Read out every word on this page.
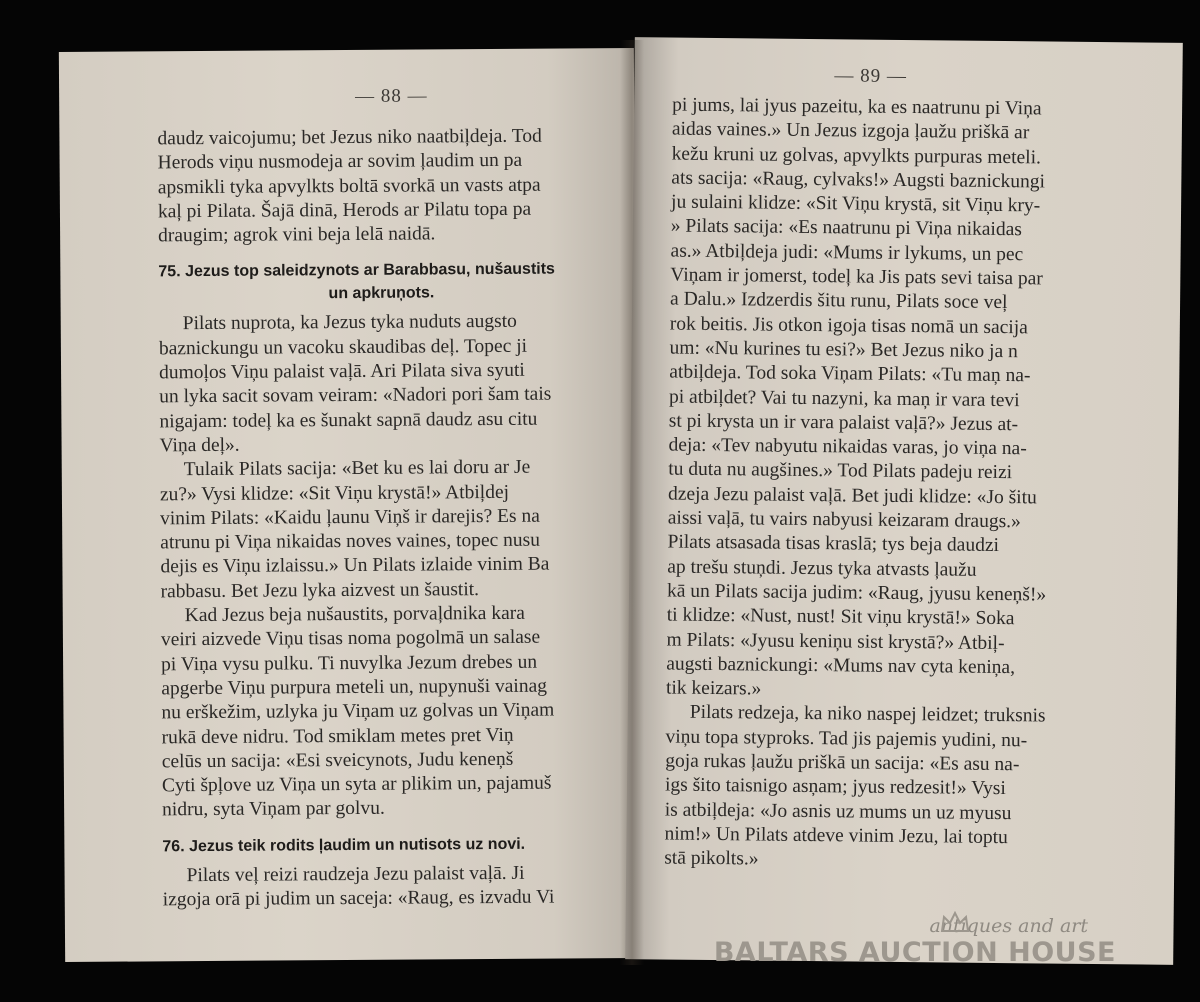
— 88 —

daudz vaicojumu; bet Jezus niko naatbiļdeja. Tod
Herods viņu nusmodeja ar sovim ļaudim un pa
apsmikli tyka apvylkts boltā svorkā un vasts atpa
kaļ pi Pilata. Šajā dinā, Herods ar Pilatu topa pa
draugim; agrok vini beja lelā naidā.

75. Jezus top saleidzynots ar Barabbasu, nušaustits
un apkruņots.

Pilats nuprota, ka Jezus tyka nuduts augsto
baznickungu un vacoku skaudibas deļ. Topec ji
dumoļos Viņu palaist vaļā. Ari Pilata siva syuti
un lyka sacit sovam veiram: «Nadori pori šam tais
nigajam: todeļ ka es šunakt sapnā daudz asu citu
Viņa deļ».

Tulaik Pilats sacija: «Bet ku es lai doru ar Je
zu?» Vysi klidze: «Sit Viņu krystā!» Atbiļdej
vinim Pilats: «Kaidu ļaunu Viņš ir darejis? Es na
atrunu pi Viņa nikaidas noves vaines, topec nusu
dejis es Viņu izlaissu.» Un Pilats izlaide vinim Ba
rabbasu. Bet Jezu lyka aizvest un šaustit.

Kad Jezus beja nušaustits, porvaļdnika kara
veiri aizvede Viņu tisas noma pogolmā un salase
pi Viņa vysu pulku. Ti nuvylka Jezum drebes un
apgerbe Viņu purpura meteli un, nupynuši vainag
nu erškežim, uzlyka ju Viņam uz golvas un Viņam
rukā deve nidru. Tod smiklam metes pret Viņ
celūs un sacija: «Esi sveicynots, Judu keneņš
Cyti špļove uz Viņa un syta ar plikim un, pajamuš
nidru, syta Viņam par golvu.

76. Jezus teik rodits ļaudim un nutisots uz novi.

Pilats veļ reizi raudzeja Jezu palaist vaļā. Ji
izgoja orā pi judim un saceja: «Raug, es izvadu Vi

— 89 —

pi jums, lai jyus pazeitu, ka es naatrunu pi Viņa
aidas vaines.» Un Jezus izgoja ļaužu priškā ar
kežu kruni uz golvas, apvylkts purpuras meteli.
ats sacija: «Raug, cylvaks!» Augsti baznickungi
ju sulaini klidze: «Sit Viņu krystā, sit Viņu kry-
» Pilats sacija: «Es naatrunu pi Viņa nikaidas
as.» Atbiļdeja judi: «Mums ir lykums, un pec
Viņam ir jomerst, todeļ ka Jis pats sevi taisa par
a Dalu.» Izdzerdis šitu runu, Pilats soce veļ
rok beitis. Jis otkon igoja tisas nomā un sacija
um: «Nu kurines tu esi?» Bet Jezus niko ja n
atbiļdeja. Tod soka Viņam Pilats: «Tu maņ na-
pi atbiļdet? Vai tu nazyni, ka maņ ir vara tevi
st pi krysta un ir vara palaist vaļā?» Jezus at-
deja: «Tev nabyutu nikaidas varas, jo viņa na-
tu duta nu augšines.» Tod Pilats padeju reizi
dzeja Jezu palaist vaļā. Bet judi klidze: «Jo šitu
aissi vaļā, tu vairs nabyusi keizaram draugs.»
Pilats atsasada tisas kraslā; tys beja daudzi
ap trešu stuņdi. Jezus tyka atvasts ļaužu
kā un Pilats sacija judim: «Raug, jyusu keneņš!»
ti klidze: «Nust, nust! Sit viņu krystā!» Soka
m Pilats: «Jyusu keniņu sist krystā?» Atbiļ-
augsti baznickungi: «Mums nav cyta keniņa,
tik keizars.»
Pilats redzeja, ka niko naspej leidzet; truksnis
viņu topa styproks. Tad jis pajemis yudini, nu-
goja rukas ļaužu priškā un sacija: «Es asu na-
igs šito taisnigo asņam; jyus redzesit!» Vysi
is atbiļdeja: «Jo asnis uz mums un uz myusu
nim!» Un Pilats atdeve vinim Jezu, lai toptu
stā pikolts.»

antiques and art
BALTARS AUCTION HOUSE
